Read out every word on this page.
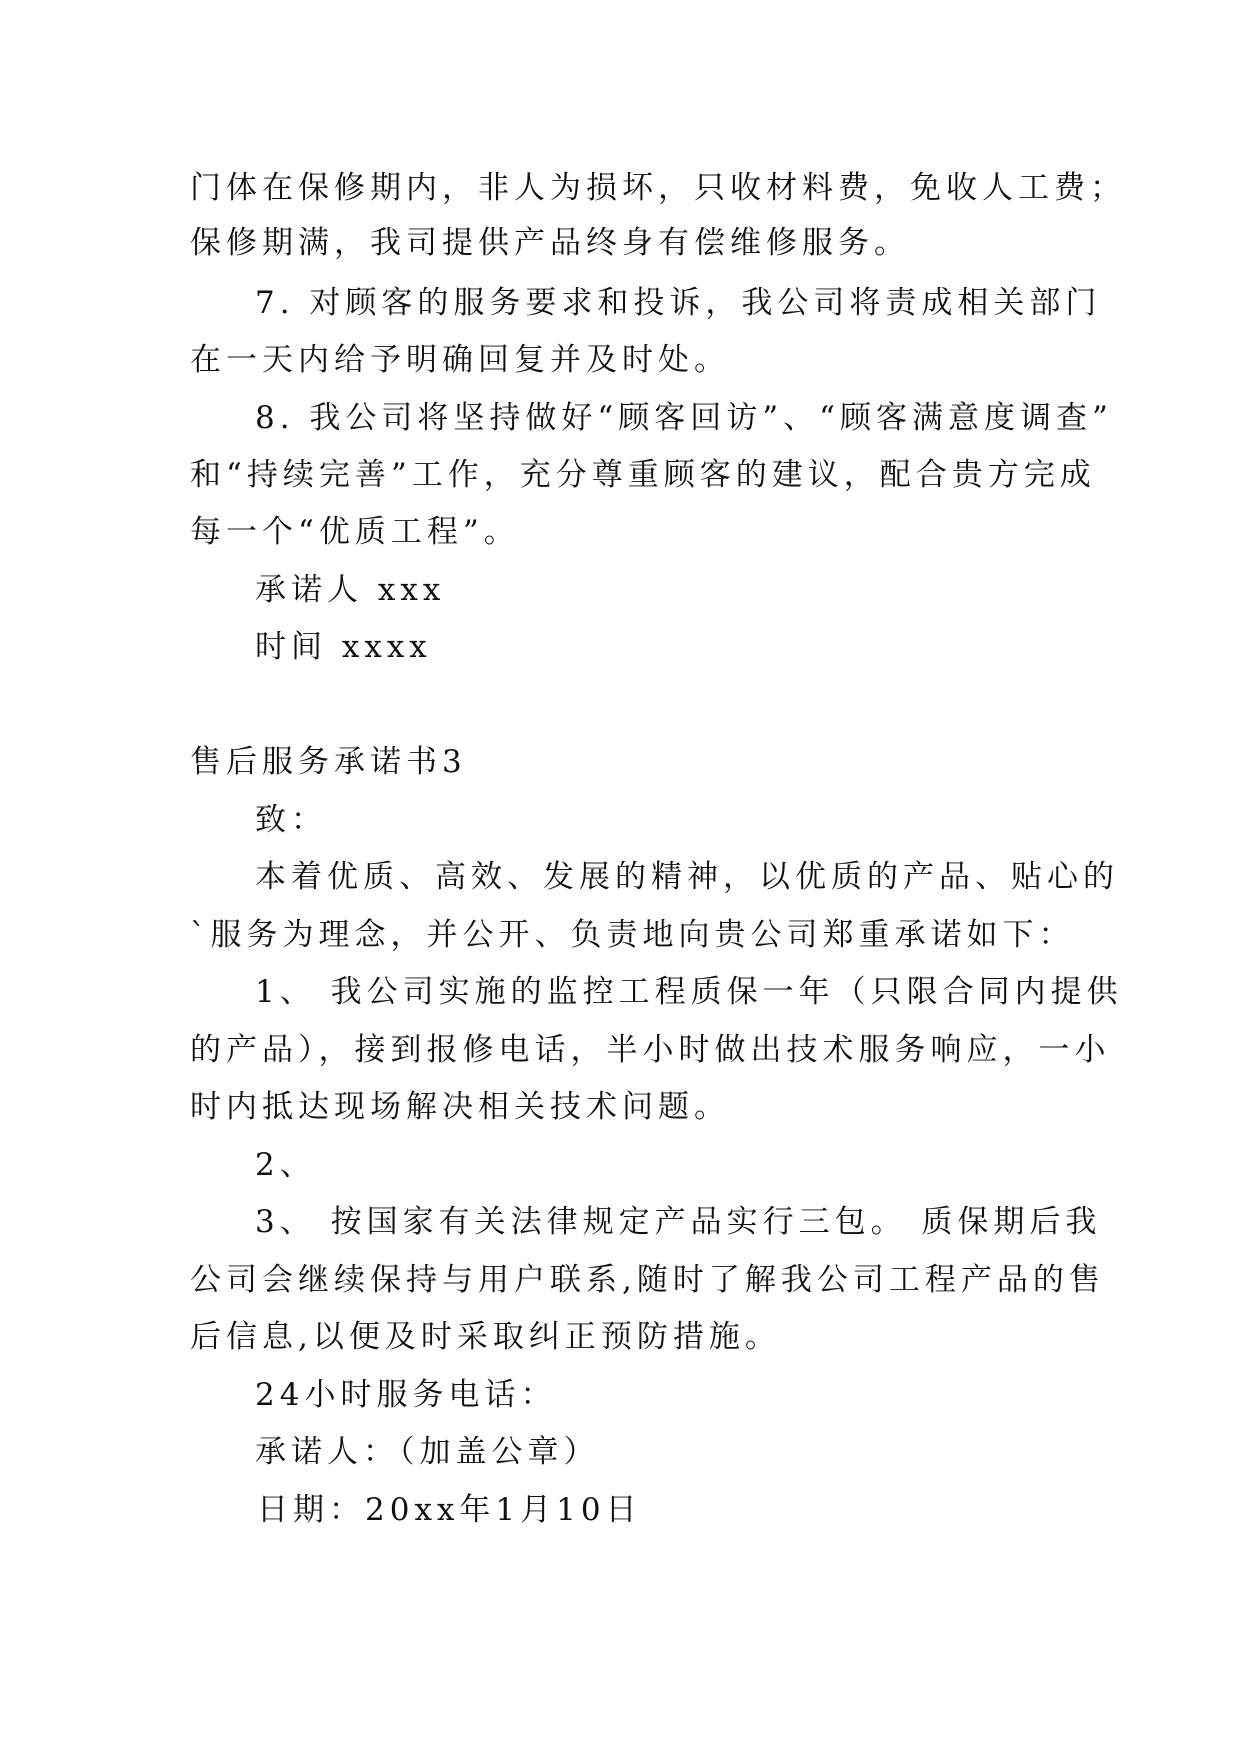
门体在保修期内，非人为损坏，只收材料费，免收人工费；
保修期满，我司提供产品终身有偿维修服务。
7. 对顾客的服务要求和投诉，我公司将责成相关部门
在一天内给予明确回复并及时处。
8. 我公司将坚持做好“顾客回访”、“顾客满意度调查”
和“持续完善”工作，充分尊重顾客的建议，配合贵方完成
每一个“优质工程”。
承诺人 xxx
时间 xxxx
售后服务承诺书3
致：
本着优质、高效、发展的精神，以优质的产品、贴心的
`服务为理念，并公开、负责地向贵公司郑重承诺如下：
1、 我公司实施的监控工程质保一年（只限合同内提供
的产品），接到报修电话，半小时做出技术服务响应，一小
时内抵达现场解决相关技术问题。
2、
3、 按国家有关法律规定产品实行三包。 质保期后我
公司会继续保持与用户联系,随时了解我公司工程产品的售
后信息,以便及时采取纠正预防措施。
24小时服务电话：
承诺人：（加盖公章）
日期：20xx年1月10日
